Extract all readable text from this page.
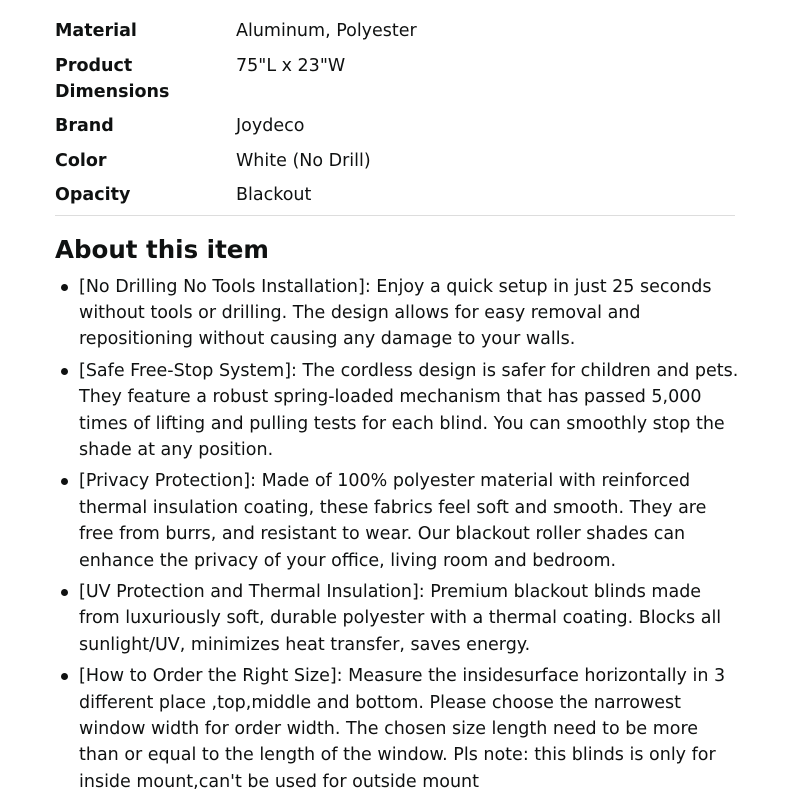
Material	Aluminum, Polyester
Product Dimensions	75"L x 23"W
Brand	Joydeco
Color	White (No Drill)
Opacity	Blackout
About this item
[No Drilling No Tools Installation]: Enjoy a quick setup in just 25 seconds without tools or drilling. The design allows for easy removal and repositioning without causing any damage to your walls.
[Safe Free-Stop System]: The cordless design is safer for children and pets. They feature a robust spring-loaded mechanism that has passed 5,000 times of lifting and pulling tests for each blind. You can smoothly stop the shade at any position.
[Privacy Protection]: Made of 100% polyester material with reinforced thermal insulation coating, these fabrics feel soft and smooth. They are free from burrs, and resistant to wear. Our blackout roller shades can enhance the privacy of your office, living room and bedroom.
[UV Protection and Thermal Insulation]: Premium blackout blinds made from luxuriously soft, durable polyester with a thermal coating. Blocks all sunlight/UV, minimizes heat transfer, saves energy.
[How to Order the Right Size]: Measure the insidesurface horizontally in 3 different place ,top,middle and bottom. Please choose the narrowest window width for order width. The chosen size length need to be more than or equal to the length of the window. Pls note: this blinds is only for inside mount,can't be used for outside mount
